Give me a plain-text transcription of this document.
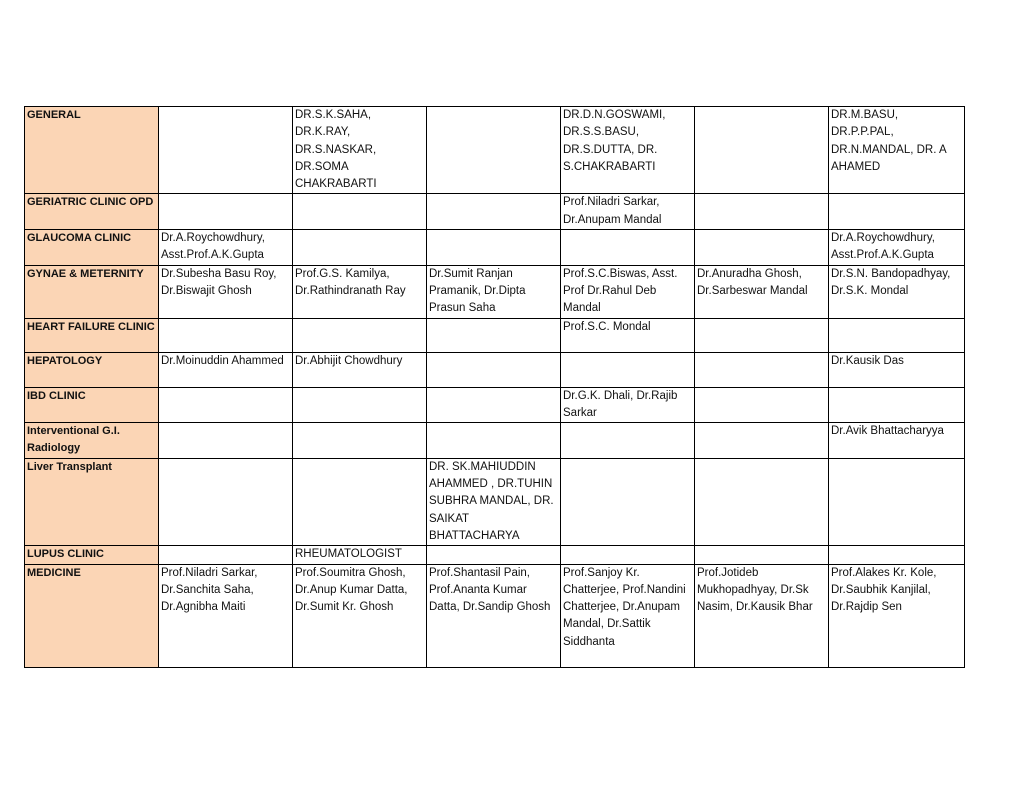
GENERAL		DR.S.K.SAHA, DR.K.RAY, DR.S.NASKAR, DR.SOMA CHAKRABARTI		DR.D.N.GOSWAMI, DR.S.S.BASU, DR.S.DUTTA, DR. S.CHAKRABARTI		DR.M.BASU, DR.P.P.PAL, DR.N.MANDAL, DR. A AHAMED
GERIATRIC CLINIC OPD				Prof.Niladri Sarkar, Dr.Anupam Mandal		
GLAUCOMA CLINIC	Dr.A.Roychowdhury, Asst.Prof.A.K.Gupta					Dr.A.Roychowdhury, Asst.Prof.A.K.Gupta
GYNAE & METERNITY	Dr.Subesha Basu Roy, Dr.Biswajit Ghosh	Prof.G.S. Kamilya, Dr.Rathindranath Ray	Dr.Sumit Ranjan Pramanik, Dr.Dipta Prasun Saha	Prof.S.C.Biswas, Asst. Prof Dr.Rahul Deb Mandal	Dr.Anuradha Ghosh, Dr.Sarbeswar Mandal	Dr.S.N. Bandopadhyay, Dr.S.K. Mondal
HEART FAILURE CLINIC				Prof.S.C. Mondal		
HEPATOLOGY	Dr.Moinuddin Ahammed	Dr.Abhijit Chowdhury				Dr.Kausik Das
IBD CLINIC				Dr.G.K. Dhali, Dr.Rajib Sarkar		
Interventional G.I. Radiology						Dr.Avik Bhattacharyya
Liver Transplant			DR. SK.MAHIUDDIN AHAMMED , DR.TUHIN SUBHRA MANDAL, DR. SAIKAT BHATTACHARYA			
LUPUS CLINIC		RHEUMATOLOGIST				
MEDICINE	Prof.Niladri Sarkar, Dr.Sanchita Saha, Dr.Agnibha Maiti	Prof.Soumitra Ghosh, Dr.Anup Kumar Datta, Dr.Sumit Kr. Ghosh	Prof.Shantasil Pain, Prof.Ananta Kumar Datta, Dr.Sandip Ghosh	Prof.Sanjoy Kr. Chatterjee, Prof.Nandini Chatterjee, Dr.Anupam Mandal, Dr.Sattik Siddhanta	Prof.Jotideb Mukhopadhyay, Dr.Sk Nasim, Dr.Kausik Bhar	Prof.Alakes Kr. Kole, Dr.Saubhik Kanjilal, Dr.Rajdip Sen
